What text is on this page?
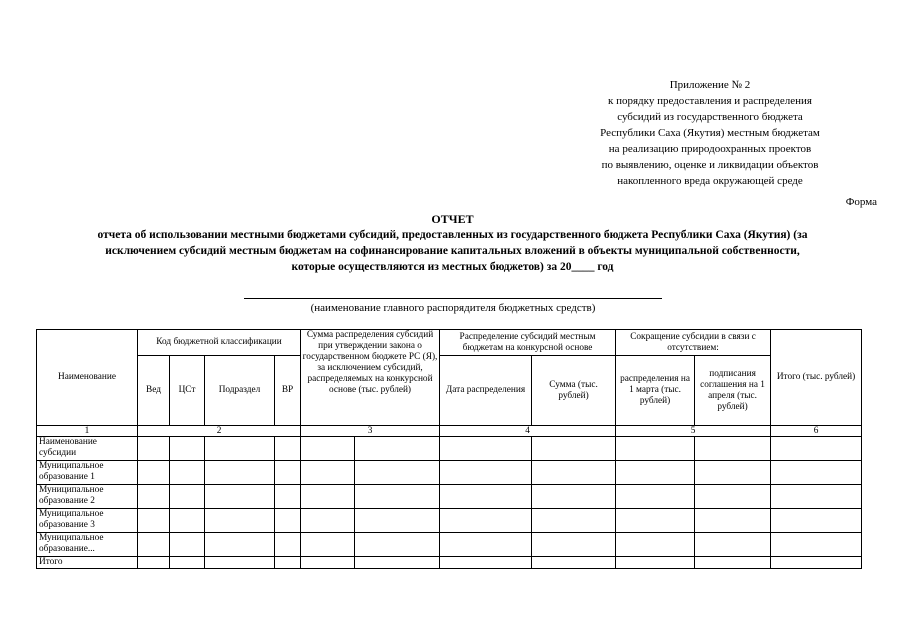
Приложение № 2
к порядку предоставления и распределения
субсидий из государственного бюджета
Республики Саха (Якутия) местным бюджетам
на реализацию природоохранных проектов
по выявлению, оценке и ликвидации объектов
накопленного вреда окружающей среде
Форма
ОТЧЕТ
отчета об использовании местными бюджетами субсидий, предоставленных из государственного бюджета Республики Саха (Якутия) (за
исключением субсидий местным бюджетам на софинансирование капитальных вложений в объекты муниципальной собственности,
которые осуществляются из местных бюджетов) за 20____ год
(наименование главного распорядителя бюджетных средств)
Наименование	Код бюджетной классификации				Сумма распределения субсидий при утверждении закона о государственном бюджете РС (Я), за исключением субсидий, распределяемых на конкурсной основе (тыс. рублей)		Распределение субсидий местным бюджетам на конкурсной основе		Сокращение субсидии в связи с отсутствием:		Итого (тыс. рублей)
	Вед	ЦСт	Подраздел	ВР			Дата распределения	Сумма (тыс. рублей)	распределения на 1 марта (тыс. рублей)	подписания соглашения на 1 апреля (тыс. рублей)	
1	2				3		4		5		6
Наименование субсидии											
Муниципальное образование 1											
Муниципальное образование 2											
Муниципальное образование 3											
Муниципальное образование...											
Итого											
